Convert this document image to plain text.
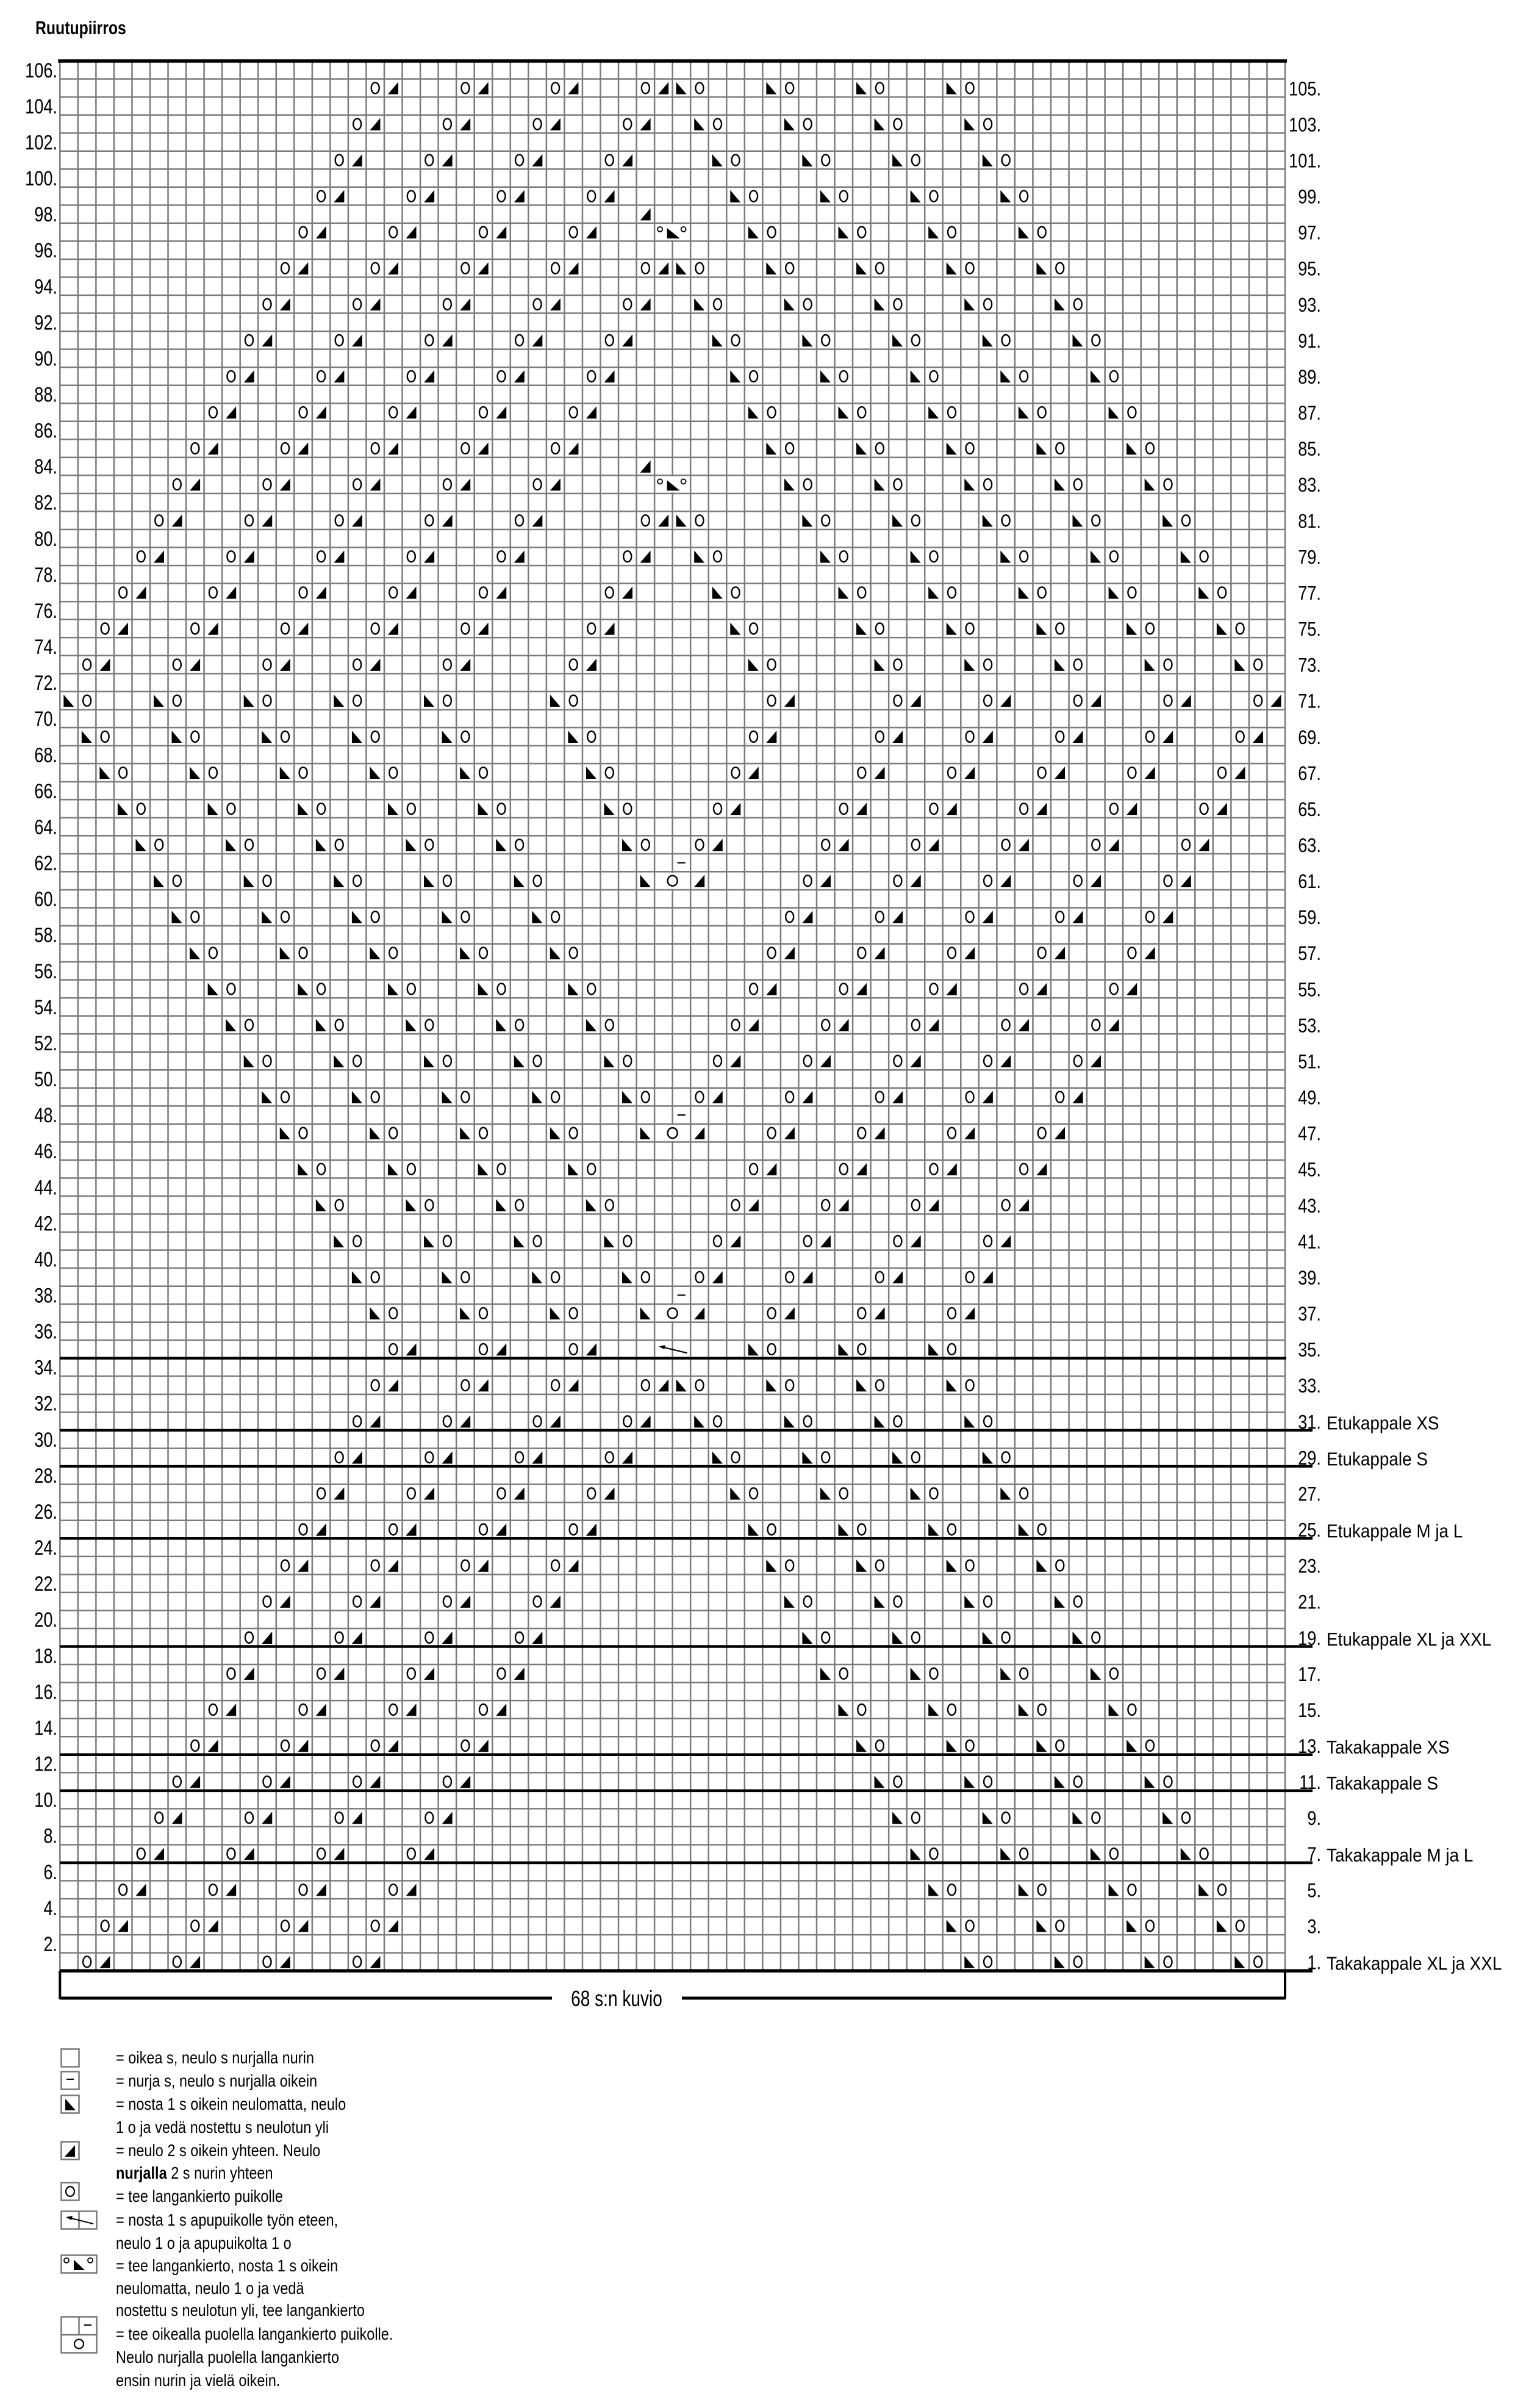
Ruutupiirros
68 s:n kuvio
106.
104.
102.
100.
98.
96.
94.
92.
90.
88.
86.
84.
82.
80.
78.
76.
74.
72.
70.
68.
66.
64.
62.
60.
58.
56.
54.
52.
50.
48.
46.
44.
42.
40.
38.
36.
34.
32.
30.
28.
26.
24.
22.
20.
18.
16.
14.
12.
10.
8.
6.
4.
2.
105.
103.
101.
99.
97.
95.
93.
91.
89.
87.
85.
83.
81.
79.
77.
75.
73.
71.
69.
67.
65.
63.
61.
59.
57.
55.
53.
51.
49.
47.
45.
43.
41.
39.
37.
35.
33.
31.
29.
27.
25.
23.
21.
19.
17.
15.
13.
11.
9.
7.
5.
3.
1.
Etukappale XS
Etukappale S
Etukappale M ja L
Etukappale XL ja XXL
Takakappale XS
Takakappale S
Takakappale M ja L
Takakappale XL ja XXL
= oikea s, neulo s nurjalla nurin
= nurja s, neulo s nurjalla oikein
= nosta 1 s oikein neulomatta, neulo
1 o ja vedä nostettu s neulotun yli
= neulo 2 s oikein yhteen. Neulo
nurjalla 2 s nurin yhteen
= tee langankierto puikolle
= nosta 1 s apupuikolle työn eteen,
neulo 1 o ja apupuikolta 1 o
= tee langankierto, nosta 1 s oikein
neulomatta, neulo 1 o ja vedä
nostettu s neulotun yli, tee langankierto
= tee oikealla puolella langankierto puikolle.
Neulo nurjalla puolella langankierto
ensin nurin ja vielä oikein.
